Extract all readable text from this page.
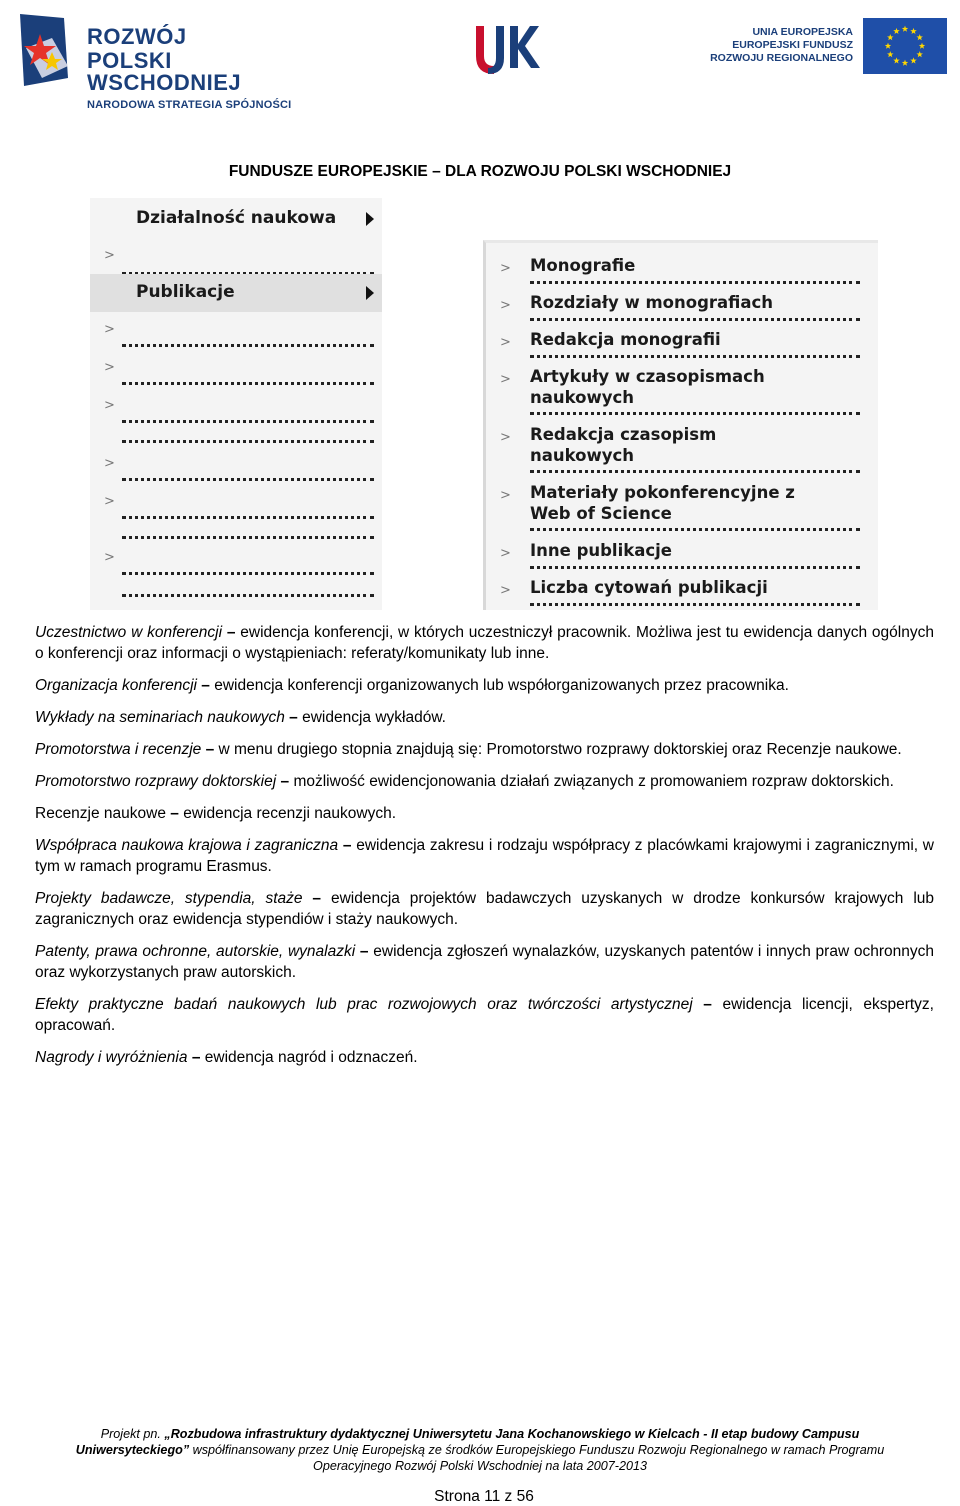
ROZWÓJ
POLSKI WSCHODNIEJ
NARODOWA STRATEGIA SPÓJNOŚCI
UNIA EUROPEJSKA
EUROPEJSKI FUNDUSZ
ROZWOJU REGIONALNEGO
FUNDUSZE EUROPEJSKIE – DLA ROZWOJU POLSKI WSCHODNIEJ
Działalność naukowa
>
Publikacje
>
>
>
>
>
>
> Monografie
> Rozdziały w monografiach
> Redakcja monografii
> Artykuły w czasopismach naukowych
> Redakcja czasopism naukowych
> Materiały pokonferencyjne z Web of Science
> Inne publikacje
> Liczba cytowań publikacji

Uczestnictwo w konferencji – ewidencja konferencji, w których uczestniczył pracownik. Możliwa jest tu ewidencja danych ogólnych o konferencji oraz informacji o wystąpieniach: referaty/komunikaty lub inne.

Organizacja konferencji – ewidencja konferencji organizowanych lub współorganizowanych przez pracownika.

Wykłady na seminariach naukowych – ewidencja wykładów.

Promotorstwa i recenzje – w menu drugiego stopnia znajdują się: Promotorstwo rozprawy doktorskiej oraz Recenzje naukowe.

Promotorstwo rozprawy doktorskiej – możliwość ewidencjonowania działań związanych z promowaniem rozpraw doktorskich.

Recenzje naukowe – ewidencja recenzji naukowych.

Współpraca naukowa krajowa i zagraniczna – ewidencja zakresu i rodzaju współpracy z placówkami krajowymi i zagranicznymi, w tym w ramach programu Erasmus.

Projekty badawcze, stypendia, staże – ewidencja projektów badawczych uzyskanych w drodze konkursów krajowych lub zagranicznych oraz ewidencja stypendiów i staży naukowych.

Patenty, prawa ochronne, autorskie, wynalazki – ewidencja zgłoszeń wynalazków, uzyskanych patentów i innych praw ochronnych oraz wykorzystanych praw autorskich.

Efekty praktyczne badań naukowych lub prac rozwojowych oraz twórczości artystycznej – ewidencja licencji, ekspertyz, opracowań.

Nagrody i wyróżnienia – ewidencja nagród i odznaczeń.

Projekt pn. „Rozbudowa infrastruktury dydaktycznej Uniwersytetu Jana Kochanowskiego w Kielcach - II etap budowy Campusu
Uniwersyteckiego” współfinansowany przez Unię Europejską ze środków Europejskiego Funduszu Rozwoju Regionalnego w ramach Programu
Operacyjnego Rozwój Polski Wschodniej na lata 2007-2013
Strona 11 z 56
